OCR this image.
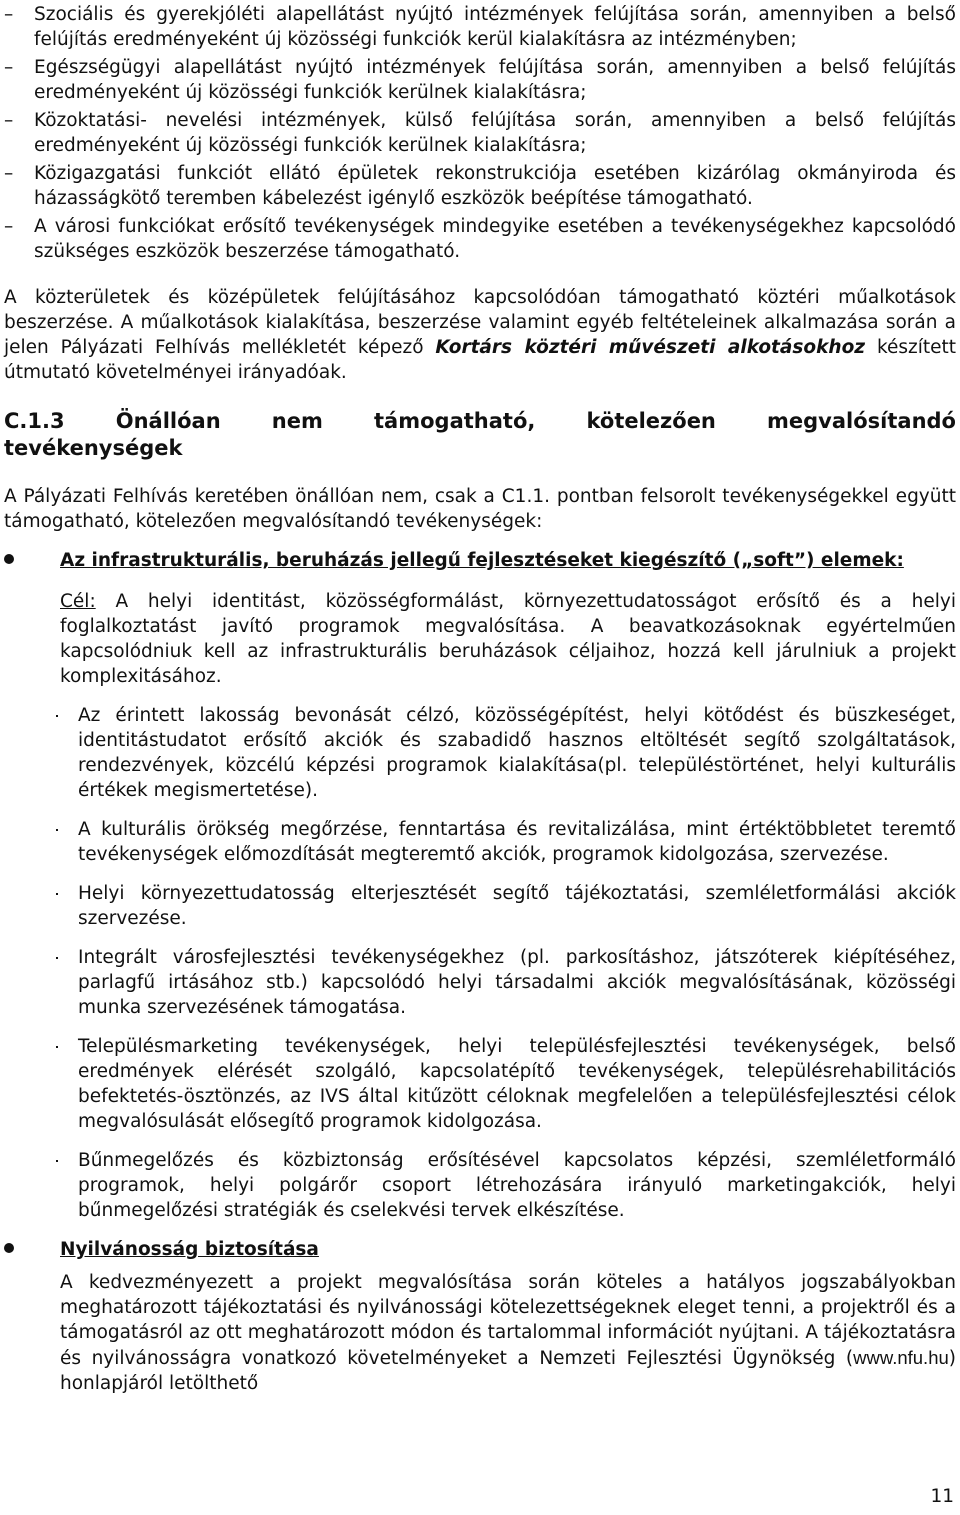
– Szociális és gyerekjóléti alapellátást nyújtó intézmények felújítása során, amennyiben a belső felújítás eredményeként új közösségi funkciók kerül kialakításra az intézményben;
– Egészségügyi alapellátást nyújtó intézmények felújítása során, amennyiben a belső felújítás eredményeként új közösségi funkciók kerülnek kialakításra;
– Közoktatási- nevelési intézmények, külső felújítása során, amennyiben a belső felújítás eredményeként új közösségi funkciók kerülnek kialakításra;
– Közigazgatási funkciót ellátó épületek rekonstrukciója esetében kizárólag okmányiroda és házasságkötő teremben kábelezést igénylő eszközök beépítése támogatható.
– A városi funkciókat erősítő tevékenységek mindegyike esetében a tevékenységekhez kapcsolódó szükséges eszközök beszerzése támogatható.

A közterületek és középületek felújításához kapcsolódóan támogatható köztéri műalkotások beszerzése. A műalkotások kialakítása, beszerzése valamint egyéb feltételeinek alkalmazása során a jelen Pályázati Felhívás mellékletét képező Kortárs köztéri művészeti alkotásokhoz készített útmutató követelményei irányadóak.

C.1.3 Önállóan nem támogatható, kötelezően megvalósítandó
tevékenységek

A Pályázati Felhívás keretében önállóan nem, csak a C1.1. pontban felsorolt tevékenységekkel együtt támogatható, kötelezően megvalósítandó tevékenységek:

Az infrastrukturális, beruházás jellegű fejlesztéseket kiegészítő („soft”) elemek:
Cél: A helyi identitást, közösségformálást, környezettudatosságot erősítő és a helyi foglalkoztatást javító programok megvalósítása. A beavatkozásoknak egyértelműen kapcsolódniuk kell az infrastrukturális beruházások céljaihoz, hozzá kell járulniuk a projekt komplexitásához.
Az érintett lakosság bevonását célzó, közösségépítést, helyi kötődést és büszkeséget, identitástudatot erősítő akciók és szabadidő hasznos eltöltését segítő szolgáltatások, rendezvények, közcélú képzési programok kialakítása(pl. településtörténet, helyi kulturális értékek megismertetése).
A kulturális örökség megőrzése, fenntartása és revitalizálása, mint értéktöbbletet teremtő tevékenységek előmozdítását megteremtő akciók, programok kidolgozása, szervezése.
Helyi környezettudatosság elterjesztését segítő tájékoztatási, szemléletformálási akciók szervezése.
Integrált városfejlesztési tevékenységekhez (pl. parkosításhoz, játszóterek kiépítéséhez, parlagfű irtásához stb.) kapcsolódó helyi társadalmi akciók megvalósításának, közösségi munka szervezésének támogatása.
Településmarketing tevékenységek, helyi településfejlesztési tevékenységek, belső eredmények elérését szolgáló, kapcsolatépítő tevékenységek, településrehabilitációs befektetés-ösztönzés, az IVS által kitűzött céloknak megfelelően a településfejlesztési célok megvalósulását elősegítő programok kidolgozása.
Bűnmegelőzés és közbiztonság erősítésével kapcsolatos képzési, szemléletformáló programok, helyi polgárőr csoport létrehozására irányuló marketingakciók, helyi bűnmegelőzési stratégiák és cselekvési tervek elkészítése.
Nyilvánosság biztosítása
A kedvezményezett a projekt megvalósítása során köteles a hatályos jogszabályokban meghatározott tájékoztatási és nyilvánossági kötelezettségeknek eleget tenni, a projektről és a támogatásról az ott meghatározott módon és tartalommal információt nyújtani. A tájékoztatásra és nyilvánosságra vonatkozó követelményeket a Nemzeti Fejlesztési Ügynökség (www.nfu.hu) honlapjáról letölthető
11
